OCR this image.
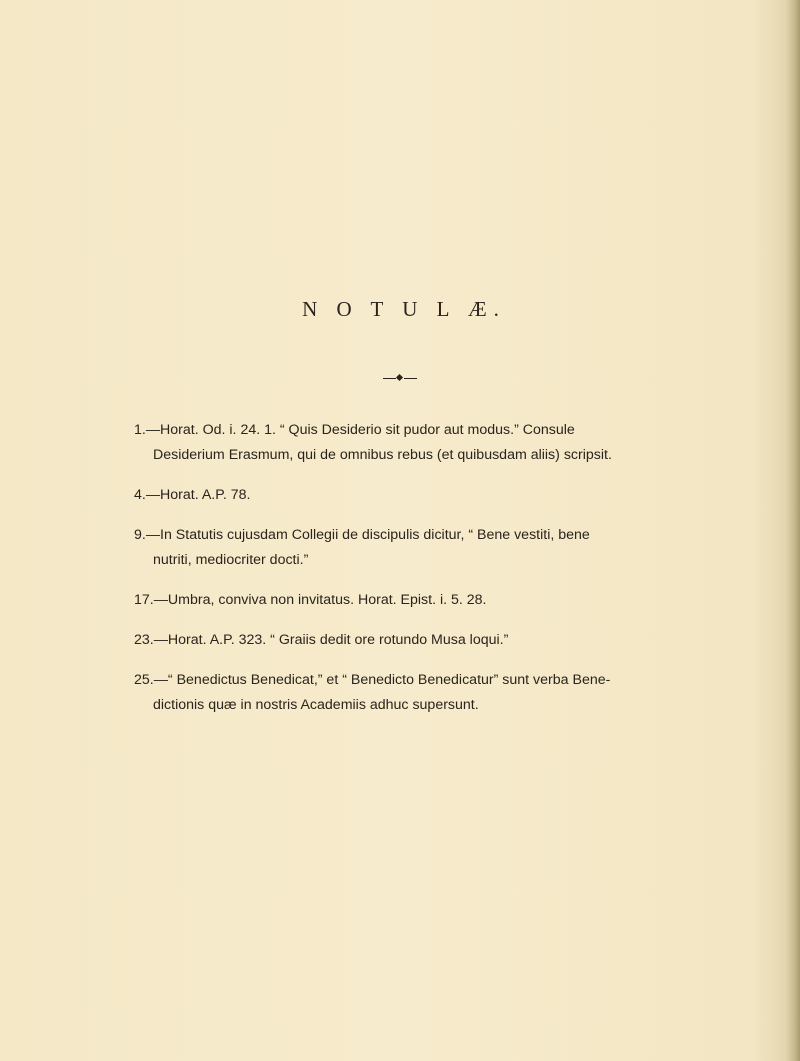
N O T U L Æ.

1.—Horat. Od. i. 24. 1. “ Quis Desiderio sit pudor aut modus.” Consule
Desiderium Erasmum, qui de omnibus rebus (et quibusdam aliis) scripsit.

4.—Horat. A.P. 78.

9.—In Statutis cujusdam Collegii de discipulis dicitur, “ Bene vestiti, bene
nutriti, mediocriter docti.”

17.—Umbra, conviva non invitatus. Horat. Epist. i. 5. 28.

23.—Horat. A.P. 323. “ Graiis dedit ore rotundo Musa loqui.”

25.—“ Benedictus Benedicat,” et “ Benedicto Benedicatur” sunt verba Bene-
dictionis quæ in nostris Academiis adhuc supersunt.
